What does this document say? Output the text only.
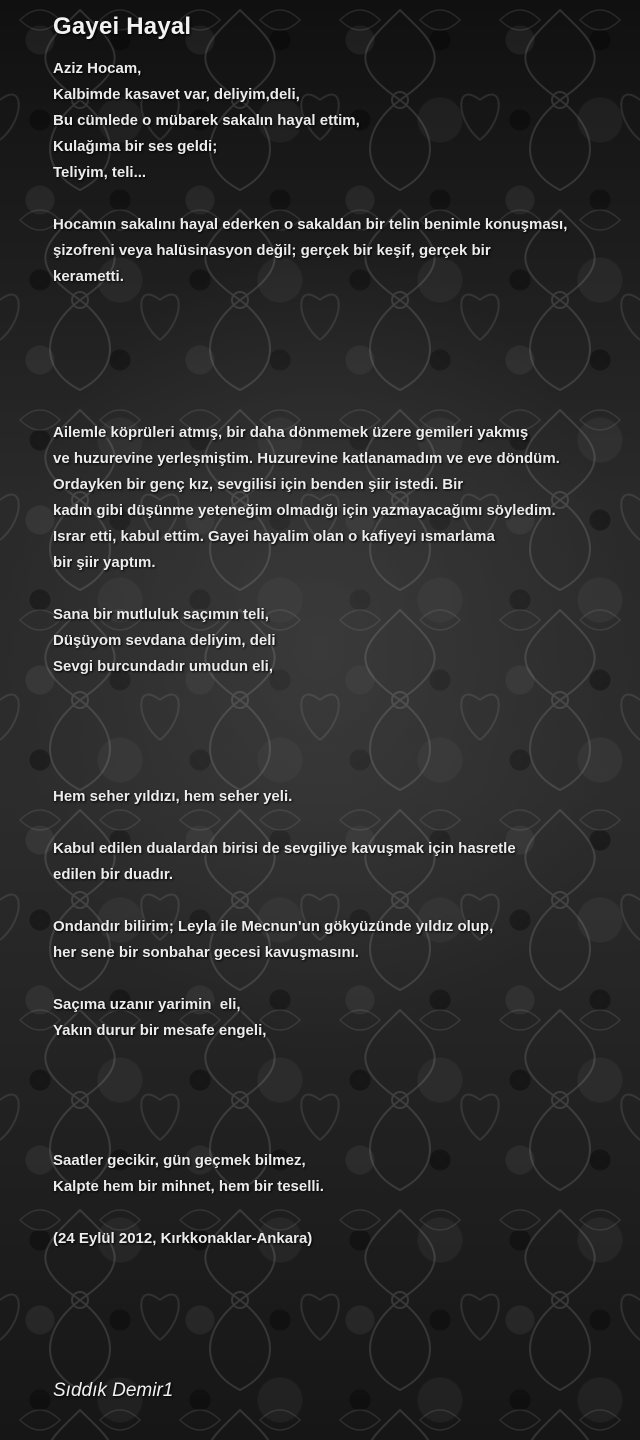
Gayei Hayal
Aziz Hocam,
Kalbimde kasavet var, deliyim,deli,
Bu cümlede o mübarek sakalın hayal ettim,
Kulağıma bir ses geldi;
Teliyim, teli...
Hocamın sakalını hayal ederken o sakaldan bir telin benimle konuşması,
şizofreni veya halüsinasyon değil; gerçek bir keşif, gerçek bir
kerametti.
Ailemle köprüleri atmış, bir daha dönmemek üzere gemileri yakmış
ve huzurevine yerleşmiştim. Huzurevine katlanamadım ve eve döndüm.
Ordayken bir genç kız, sevgilisi için benden şiir istedi. Bir
kadın gibi düşünme yeteneğim olmadığı için yazmayacağımı söyledim.
Israr etti, kabul ettim. Gayei hayalim olan o kafiyeyi ısmarlama
bir şiir yaptım.
Sana bir mutluluk saçımın teli,
Düşüyom sevdana deliyim, deli
Sevgi burcundadır umudun eli,
Hem seher yıldızı, hem seher yeli.
Kabul edilen dualardan birisi de sevgiliye kavuşmak için hasretle
edilen bir duadır.
Ondandır bilirim; Leyla ile Mecnun'un gökyüzünde yıldız olup,
her sene bir sonbahar gecesi kavuşmasını.
Saçıma uzanır yarimin  eli,
Yakın durur bir mesafe engeli,
Saatler gecikir, gün geçmek bilmez,
Kalpte hem bir mihnet, hem bir teselli.
(24 Eylül 2012, Kırkkonaklar-Ankara)

Sıddık Demir1
